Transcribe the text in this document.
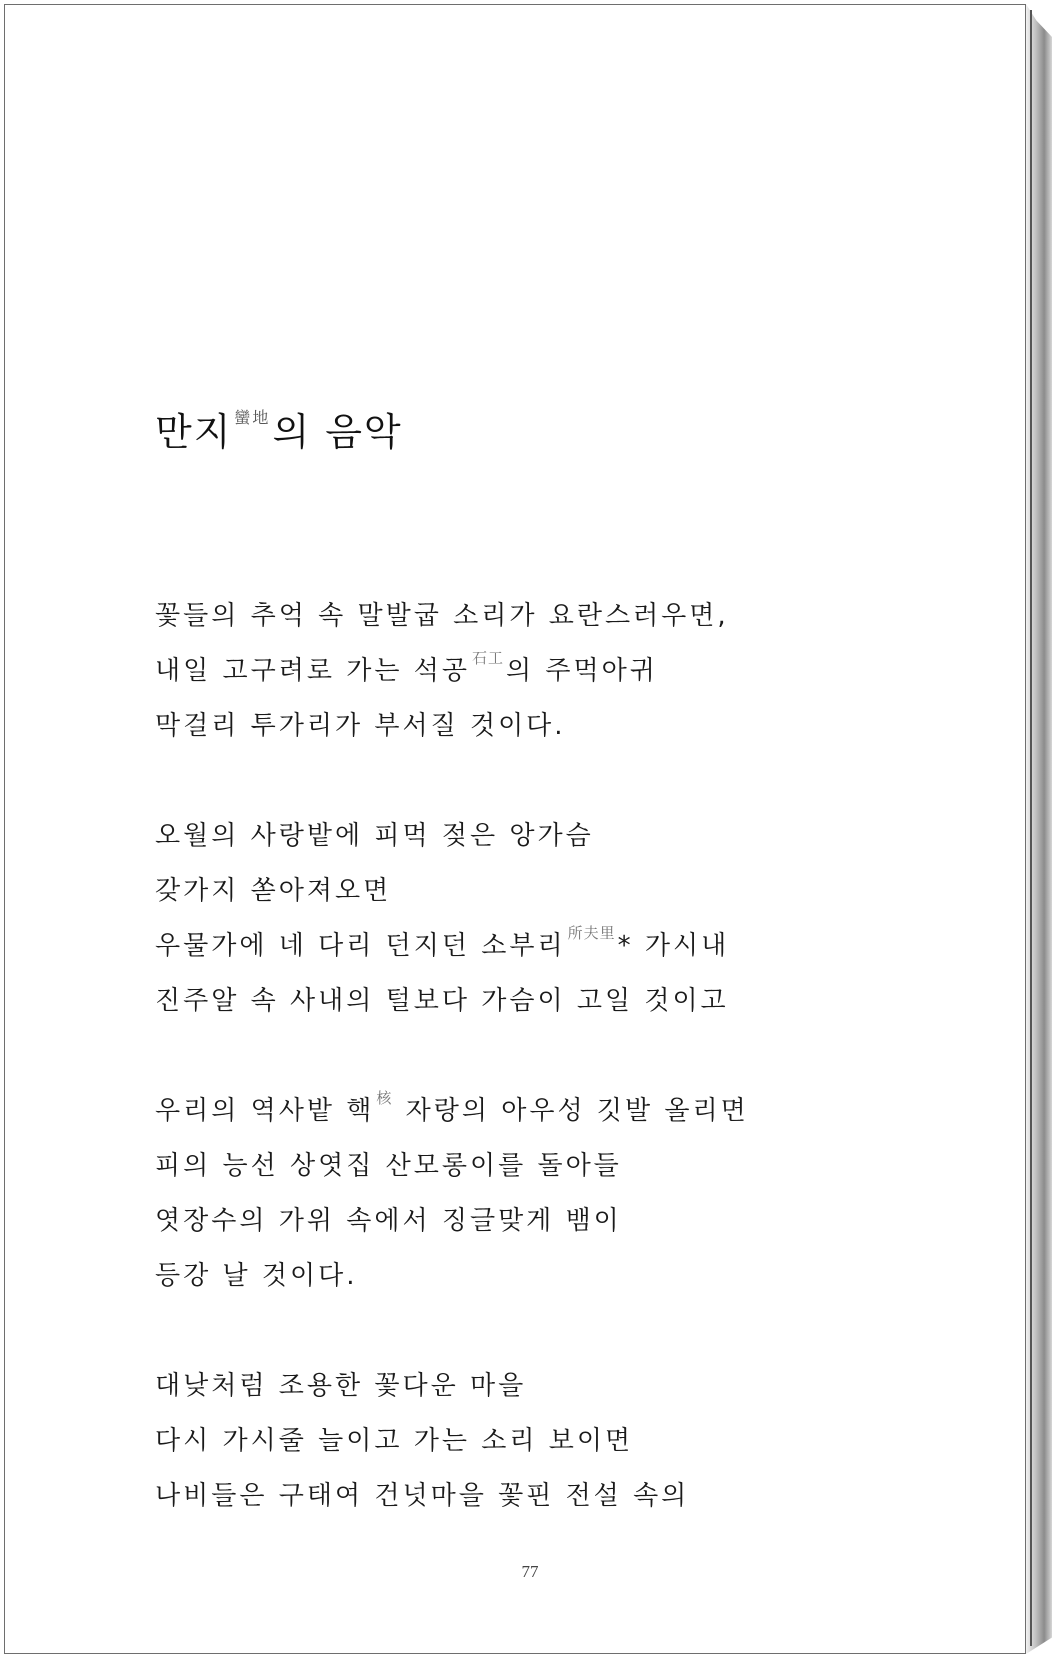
만지 $^{蠻地}$의 음악
꽃들의 추억 속 말발굽 소리가 요란스러우면,
내일 고구려로 가는 석공 $^{石工}$의 주먹아귀
막걸리 투가리가 부서질 것이다.
오월의 사랑밭에 피먹 젖은 앙가슴
갖가지 쏟아져오면
우물가에 네 다리 던지던 소부리 $^{所夫里}$* 가시내
진주알 속 사내의 털보다 가슴이 고일 것이고
우리의 역사밭 핵 $^核$ 자랑의 아우성 깃발 올리면
피의 능선 상엿집 산모롱이를 돌아들
엿장수의 가위 속에서 징글맞게 뱀이
등강 날 것이다.
대낮처럼 조용한 꽃다운 마을
다시 가시줄 늘이고 가는 소리 보이면
나비들은 구태여 건넛마을 꽃핀 전설 속의
77
